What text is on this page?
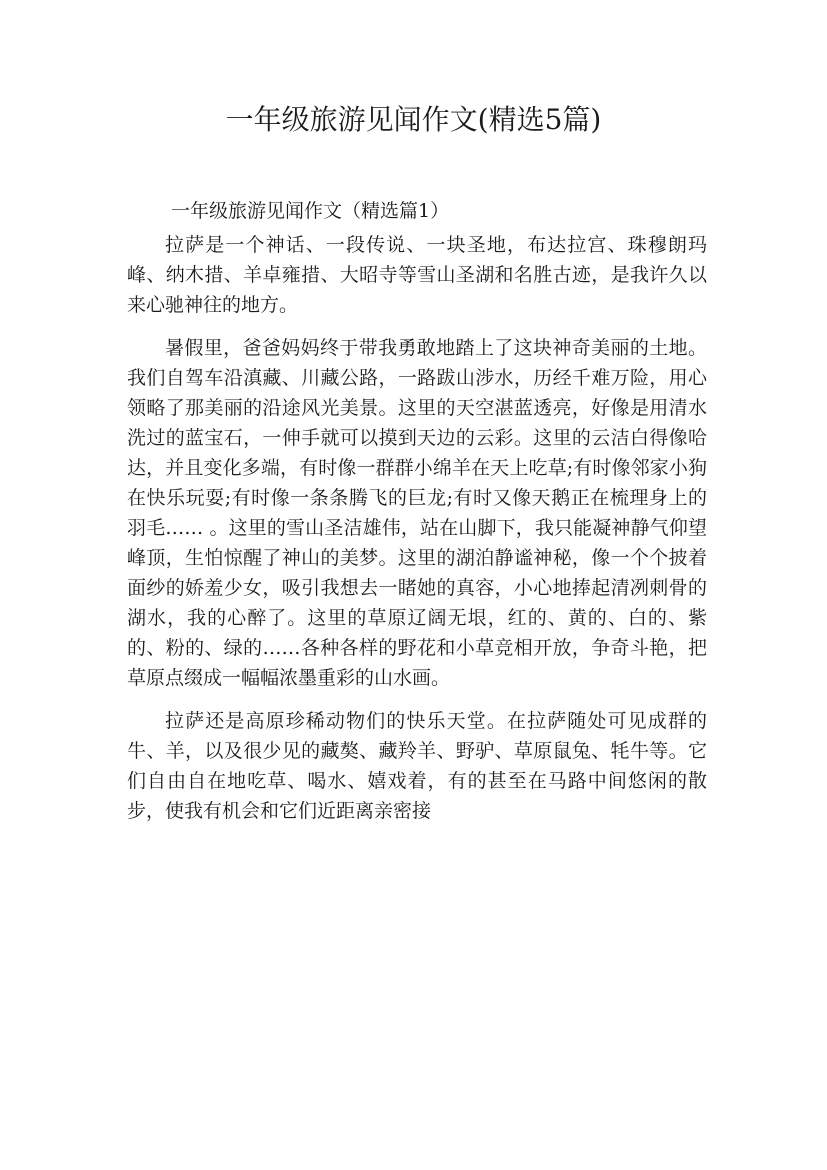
一年级旅游见闻作文(精选5篇)

一年级旅游见闻作文（精选篇1）

拉萨是一个神话、一段传说、一块圣地，布达拉宫、珠穆朗玛峰、纳木措、羊卓雍措、大昭寺等雪山圣湖和名胜古迹，是我许久以来心驰神往的地方。

暑假里，爸爸妈妈终于带我勇敢地踏上了这块神奇美丽的土地。我们自驾车沿滇藏、川藏公路，一路跋山涉水，历经千难万险，用心领略了那美丽的沿途风光美景。这里的天空湛蓝透亮，好像是用清水洗过的蓝宝石，一伸手就可以摸到天边的云彩。这里的云洁白得像哈达，并且变化多端，有时像一群群小绵羊在天上吃草;有时像邻家小狗在快乐玩耍;有时像一条条腾飞的巨龙;有时又像天鹅正在梳理身上的羽毛…… 。这里的雪山圣洁雄伟，站在山脚下，我只能凝神静气仰望峰顶，生怕惊醒了神山的美梦。这里的湖泊静谧神秘，像一个个披着面纱的娇羞少女，吸引我想去一睹她的真容，小心地捧起清冽刺骨的湖水，我的心醉了。这里的草原辽阔无垠，红的、黄的、白的、紫的、粉的、绿的……各种各样的野花和小草竞相开放，争奇斗艳，把草原点缀成一幅幅浓墨重彩的山水画。

拉萨还是高原珍稀动物们的快乐天堂。在拉萨随处可见成群的牛、羊，以及很少见的藏獒、藏羚羊、野驴、草原鼠兔、牦牛等。它们自由自在地吃草、喝水、嬉戏着，有的甚至在马路中间悠闲的散步，使我有机会和它们近距离亲密接
